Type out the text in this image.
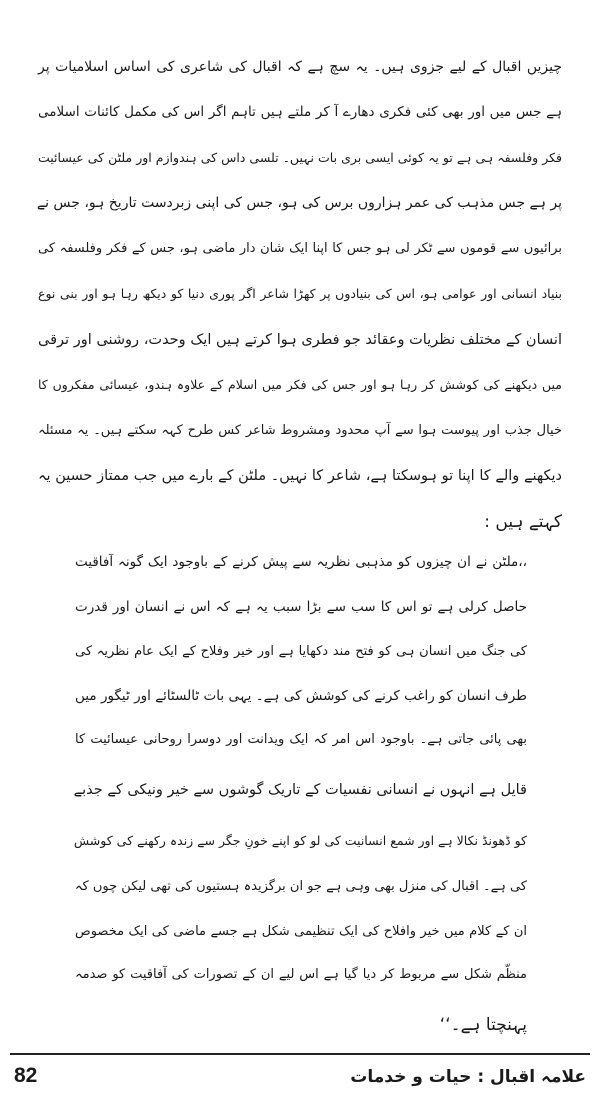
چیزیں اقبال کے لیے جزوی ہیں۔ یہ سچ ہے کہ اقبال کی شاعری کی اساس اسلامیات پر
ہے جس میں اور بھی کئی فکری دھارے آ کر ملتے ہیں تاہم اگر اس کی مکمل کائنات اسلامی
فکر وفلسفہ ہی ہے تو یہ کوئی ایسی بری بات نہیں۔ تلسی داس کی ہندوازم اور ملٹن کی عیسائیت
پر ہے جس مذہب کی عمر ہزاروں برس کی ہو، جس کی اپنی زبردست تاریخ ہو، جس نے
برائیوں سے قوموں سے ٹکر لی ہو جس کا اپنا ایک شان دار ماضی ہو، جس کے فکر وفلسفہ کی
بنیاد انسانی اور عوامی ہو، اس کی بنیادوں پر کھڑا شاعر اگر پوری دنیا کو دیکھ رہا ہو اور بنی نوع
انسان کے مختلف نظریات وعقائد جو فطری ہوا کرتے ہیں ایک وحدت، روشنی اور ترقی
میں دیکھنے کی کوشش کر رہا ہو اور جس کی فکر میں اسلام کے علاوہ ہندو، عیسائی مفکروں کا
خیال جذب اور پیوست ہوا سے آپ محدود ومشروط شاعر کس طرح کہہ سکتے ہیں۔ یہ مسئلہ
دیکھنے والے کا اپنا تو ہوسکتا ہے، شاعر کا نہیں۔ ملٹن کے بارے میں جب ممتاز حسین یہ
کہتے ہیں :
،،ملٹن نے ان چیزوں کو مذہبی نظریہ سے پیش کرنے کے باوجود ایک گونہ آفاقیت
حاصل کرلی ہے تو اس کا سب سے بڑا سبب یہ ہے کہ اس نے انسان اور قدرت
کی جنگ میں انسان ہی کو فتح مند دکھایا ہے اور خیر وفلاح کے ایک عام نظریہ کی
طرف انسان کو راغب کرنے کی کوشش کی ہے۔ یہی بات ٹالسٹائے اور ٹیگور میں
بھی پائی جاتی ہے۔ باوجود اس امر کہ ایک ویدانت اور دوسرا روحانی عیسائیت کا
قایل ہے انہوں نے انسانی نفسیات کے تاریک گوشوں سے خیر ونیکی کے جذبے
کو ڈھونڈ نکالا ہے اور شمع انسانیت کی لو کو اپنے خونِ جگر سے زندہ رکھنے کی کوشش
کی ہے۔ اقبال کی منزل بھی وہی ہے جو ان برگزیدہ ہستیوں کی تھی لیکن چوں کہ
ان کے کلام میں خیر وافلاح کی ایک تنظیمی شکل ہے جسے ماضی کی ایک مخصوص
منظّم شکل سے مربوط کر دیا گیا ہے اس لیے ان کے تصورات کی آفاقیت کو صدمہ
پہنچتا ہے۔‘‘
علامہ اقبال : حیات و خدمات
82
